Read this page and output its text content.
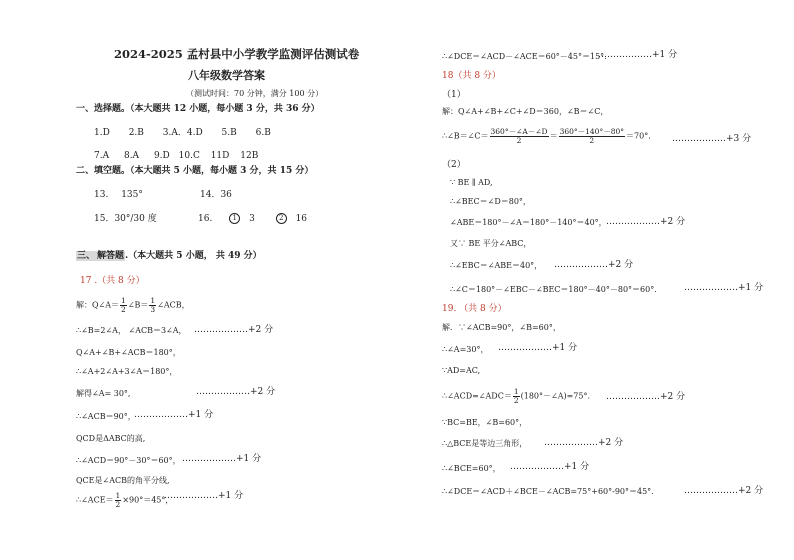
2024-2025 孟村县中小学教学监测评估测试卷
八年级数学答案
（测试时间：70 分钟，满分 100 分）
一、选择题。（本大题共 12 小题，每小题 3 分，共 36 分）
1.D 2.B 3.A．4.D 5.B 6.B
7.A 8.A 9.D 10.C 11D 12B
二、填空题。（本大题共 5 小题，每小题 3 分，共 15 分）
13. 135°	14．36
15．30°/30 度	16.	1 3	2 16
三、 解答题.（本大题共 5 小题， 共 49 分）
17 .（共 8 分）
解：Q∠A＝ $\frac{1}{2}$ ∠B＝ $\frac{1}{3}$ ∠ACB，
∴∠B=2∠A， ∠ACB＝3∠A， ………………+2 分
Q∠A+∠B+∠ACB＝180°，
∴∠A+2∠A+3∠A＝180°，
解得∠A= 30°,	………………+2 分
∴∠ACB＝90°，
………………+1 分
QCD是ΔABC的高,
∴∠ACD＝90°－30°＝60°， ………………+1 分
QCE是∠ACB的角平分线,
∴∠ACE＝ $\frac{1}{2} \times 90^\circ=45^\circ$，
………………+1 分
∴∠DCE＝∠ACD－∠ACE＝60°－45°＝15°．
………………+1 分
18（共 8 分）
（1）
解：Q∠A+∠B+∠C+∠D＝360，∠B＝∠C，
∴∠B＝∠C＝ $\frac{360^\circ-\angle A-\angle D}{2} = \frac{360^\circ-140^\circ-80^\circ}{2} =70^\circ$． ………………+3 分
（2）
∵ BE ∥ AD,
∴∠BEC＝∠D＝80°，
∠ABE＝180°－∠A＝180°－140°＝40°， ………………+2 分
又∵ BE 平分∠ABC，
∴∠EBC＝∠ABE＝40°， ………………+2 分
∴∠C＝180°－∠EBC－∠BEC＝180°－40°－80°＝60°． ………………+1 分
19. （共 8 分）
解．∵∠ACB=90°，∠B=60°，
∴∠A=30°， ………………+1 分
∵AD=AC,
∴∠ACD=∠ADC＝ $\frac{1}{2}$ (180°－∠A)=75°． ………………+2 分
∵BC=BE，∠B=60°，
∴△BCE是等边三角形， ………………+2 分
∴∠BCE=60°， ………………+1 分
∴∠DCE＝∠ACD＋∠BCE－∠ACB=75°+60°-90°＝45°．	………………+2 分
